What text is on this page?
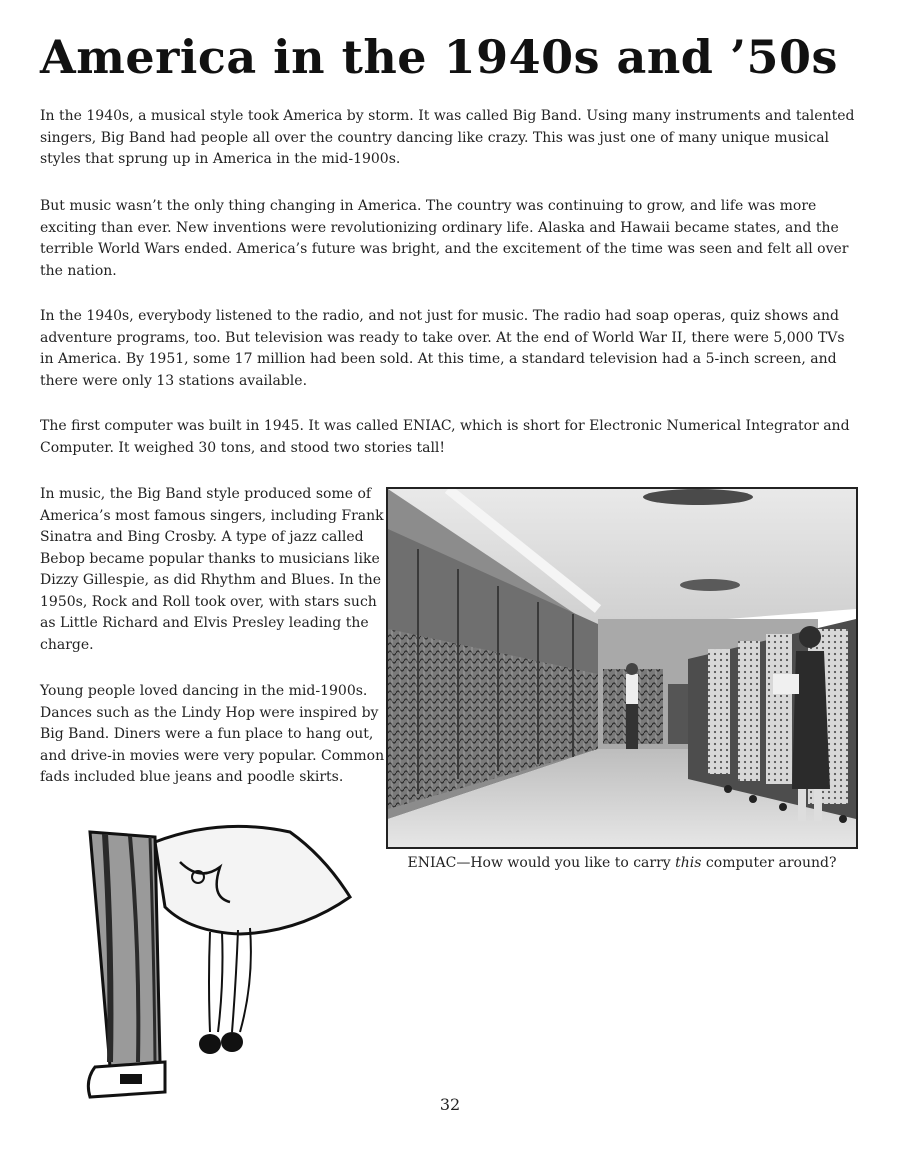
America in the 1940s and ’50s

In the 1940s, a musical style took America by storm. It was called Big Band. Using many instruments and talented singers, Big Band had people all over the country dancing like crazy. This was just one of many unique musical styles that sprung up in America in the mid-1900s.

But music wasn’t the only thing changing in America. The country was continuing to grow, and life was more exciting than ever. New inventions were revolutionizing ordinary life. Alaska and Hawaii became states, and the terrible World Wars ended. America’s future was bright, and the excitement of the time was seen and felt all over the nation.

In the 1940s, everybody listened to the radio, and not just for music. The radio had soap operas, quiz shows and adventure programs, too. But television was ready to take over. At the end of World War II, there were 5,000 TVs in America. By 1951, some 17 million had been sold. At this time, a standard television had a 5-inch screen, and there were only 13 stations available.

The first computer was built in 1945. It was called ENIAC, which is short for Electronic Numerical Integrator and Computer. It weighed 30 tons, and stood two stories tall!

In music, the Big Band style produced some of America’s most famous singers, including Frank Sinatra and Bing Crosby. A type of jazz called Bebop became popular thanks to musicians like Dizzy Gillespie, as did Rhythm and Blues. In the 1950s, Rock and Roll took over, with stars such as Little Richard and Elvis Presley leading the charge.

Young people loved dancing in the mid-1900s. Dances such as the Lindy Hop were inspired by Big Band. Diners were a fun place to hang out, and drive-in movies were very popular. Common fads included blue jeans and poodle skirts.

ENIAC—How would you like to carry this computer around?

32
